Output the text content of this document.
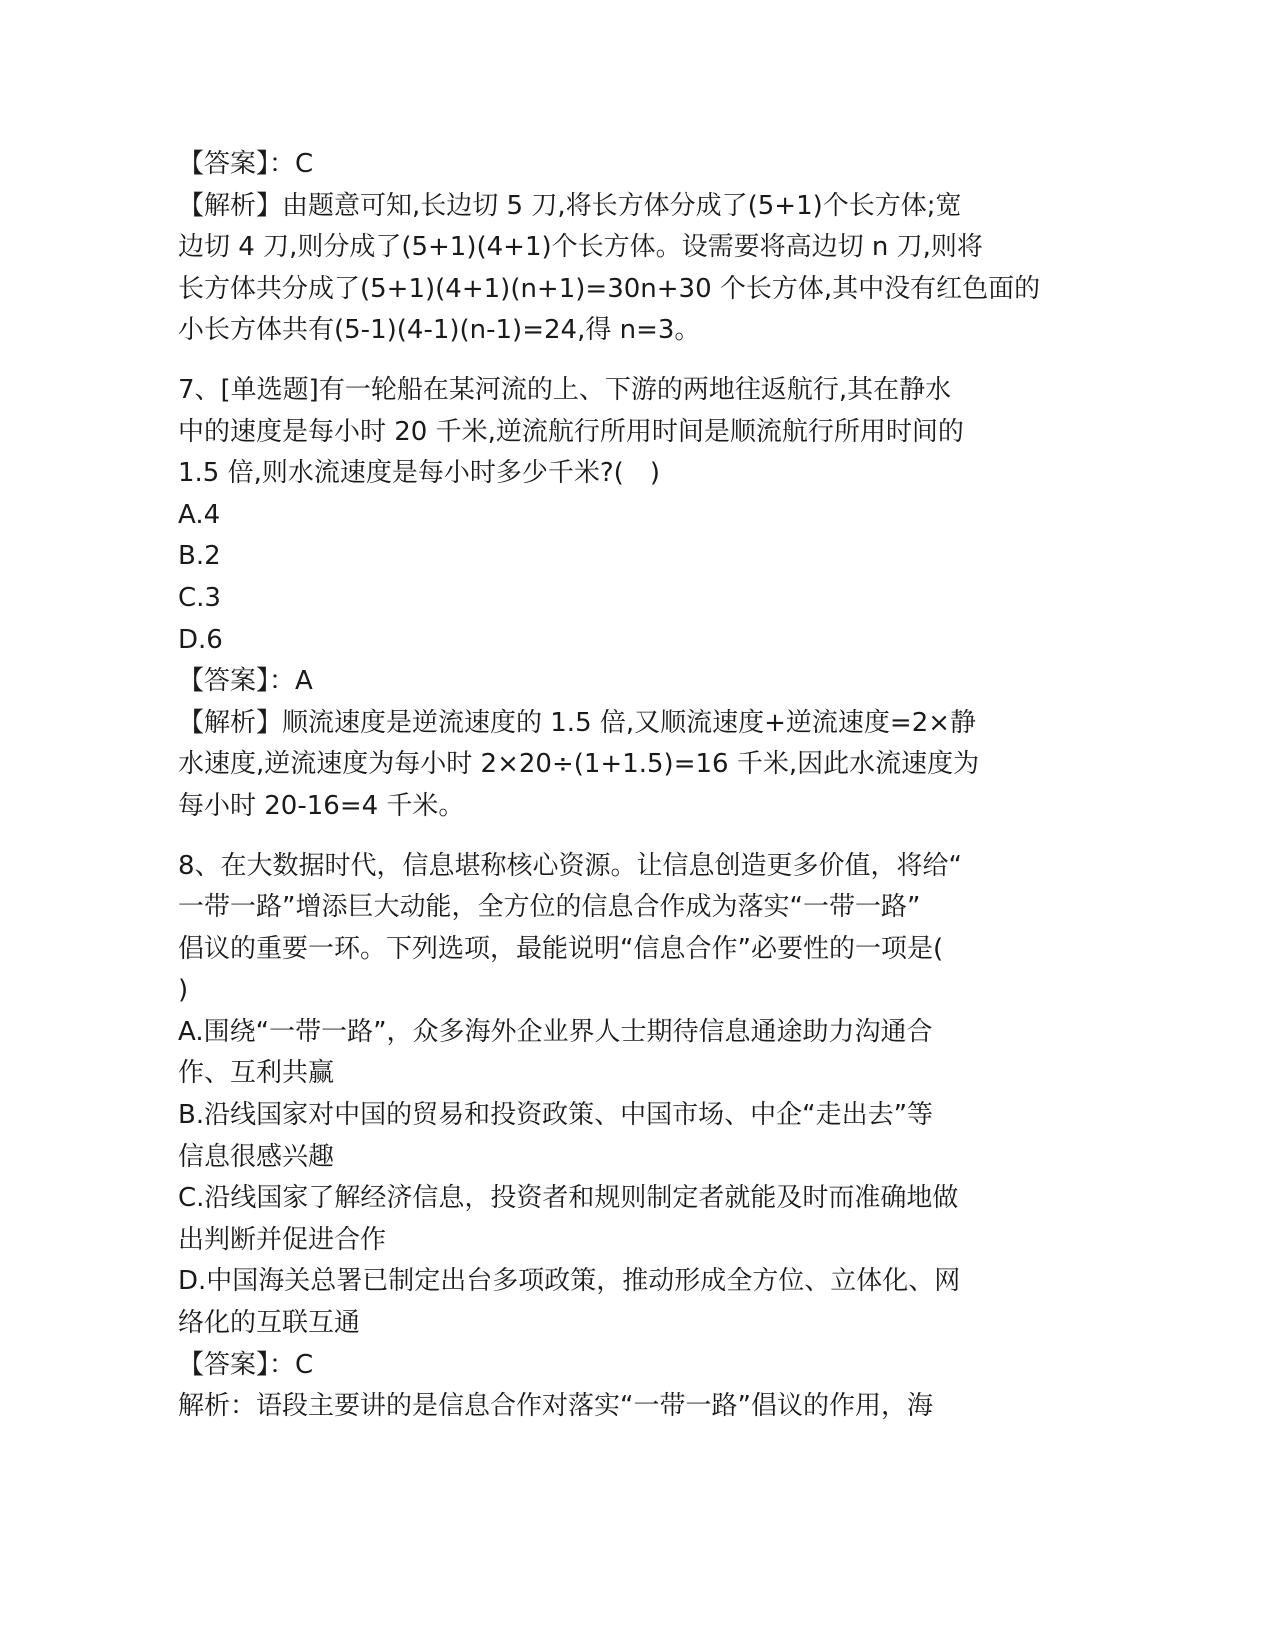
【答案】：C
【解析】由题意可知,长边切 5 刀,将长方体分成了(5+1)个长方体;宽
边切 4 刀,则分成了(5+1)(4+1)个长方体。设需要将高边切 n 刀,则将
长方体共分成了(5+1)(4+1)(n+1)=30n+30 个长方体,其中没有红色面的
小长方体共有(5-1)(4-1)(n-1)=24,得 n=3。
7、[单选题]有一轮船在某河流的上、下游的两地往返航行,其在静水
中的速度是每小时 20 千米,逆流航行所用时间是顺流航行所用时间的
1.5 倍,则水流速度是每小时多少千米?(　)
A.4
B.2
C.3
D.6
【答案】：A
【解析】顺流速度是逆流速度的 1.5 倍,又顺流速度+逆流速度=2×静
水速度,逆流速度为每小时 2×20÷(1+1.5)=16 千米,因此水流速度为
每小时 20-16=4 千米。
8、在大数据时代，信息堪称核心资源。让信息创造更多价值，将给“
一带一路”增添巨大动能，全方位的信息合作成为落实“一带一路”
倡议的重要一环。下列选项，最能说明“信息合作”必要性的一项是(
)
A.围绕“一带一路”，众多海外企业界人士期待信息通途助力沟通合
作、互利共赢
B.沿线国家对中国的贸易和投资政策、中国市场、中企“走出去”等
信息很感兴趣
C.沿线国家了解经济信息，投资者和规则制定者就能及时而准确地做
出判断并促进合作
D.中国海关总署已制定出台多项政策，推动形成全方位、立体化、网
络化的互联互通
【答案】：C
解析：语段主要讲的是信息合作对落实“一带一路”倡议的作用，海
